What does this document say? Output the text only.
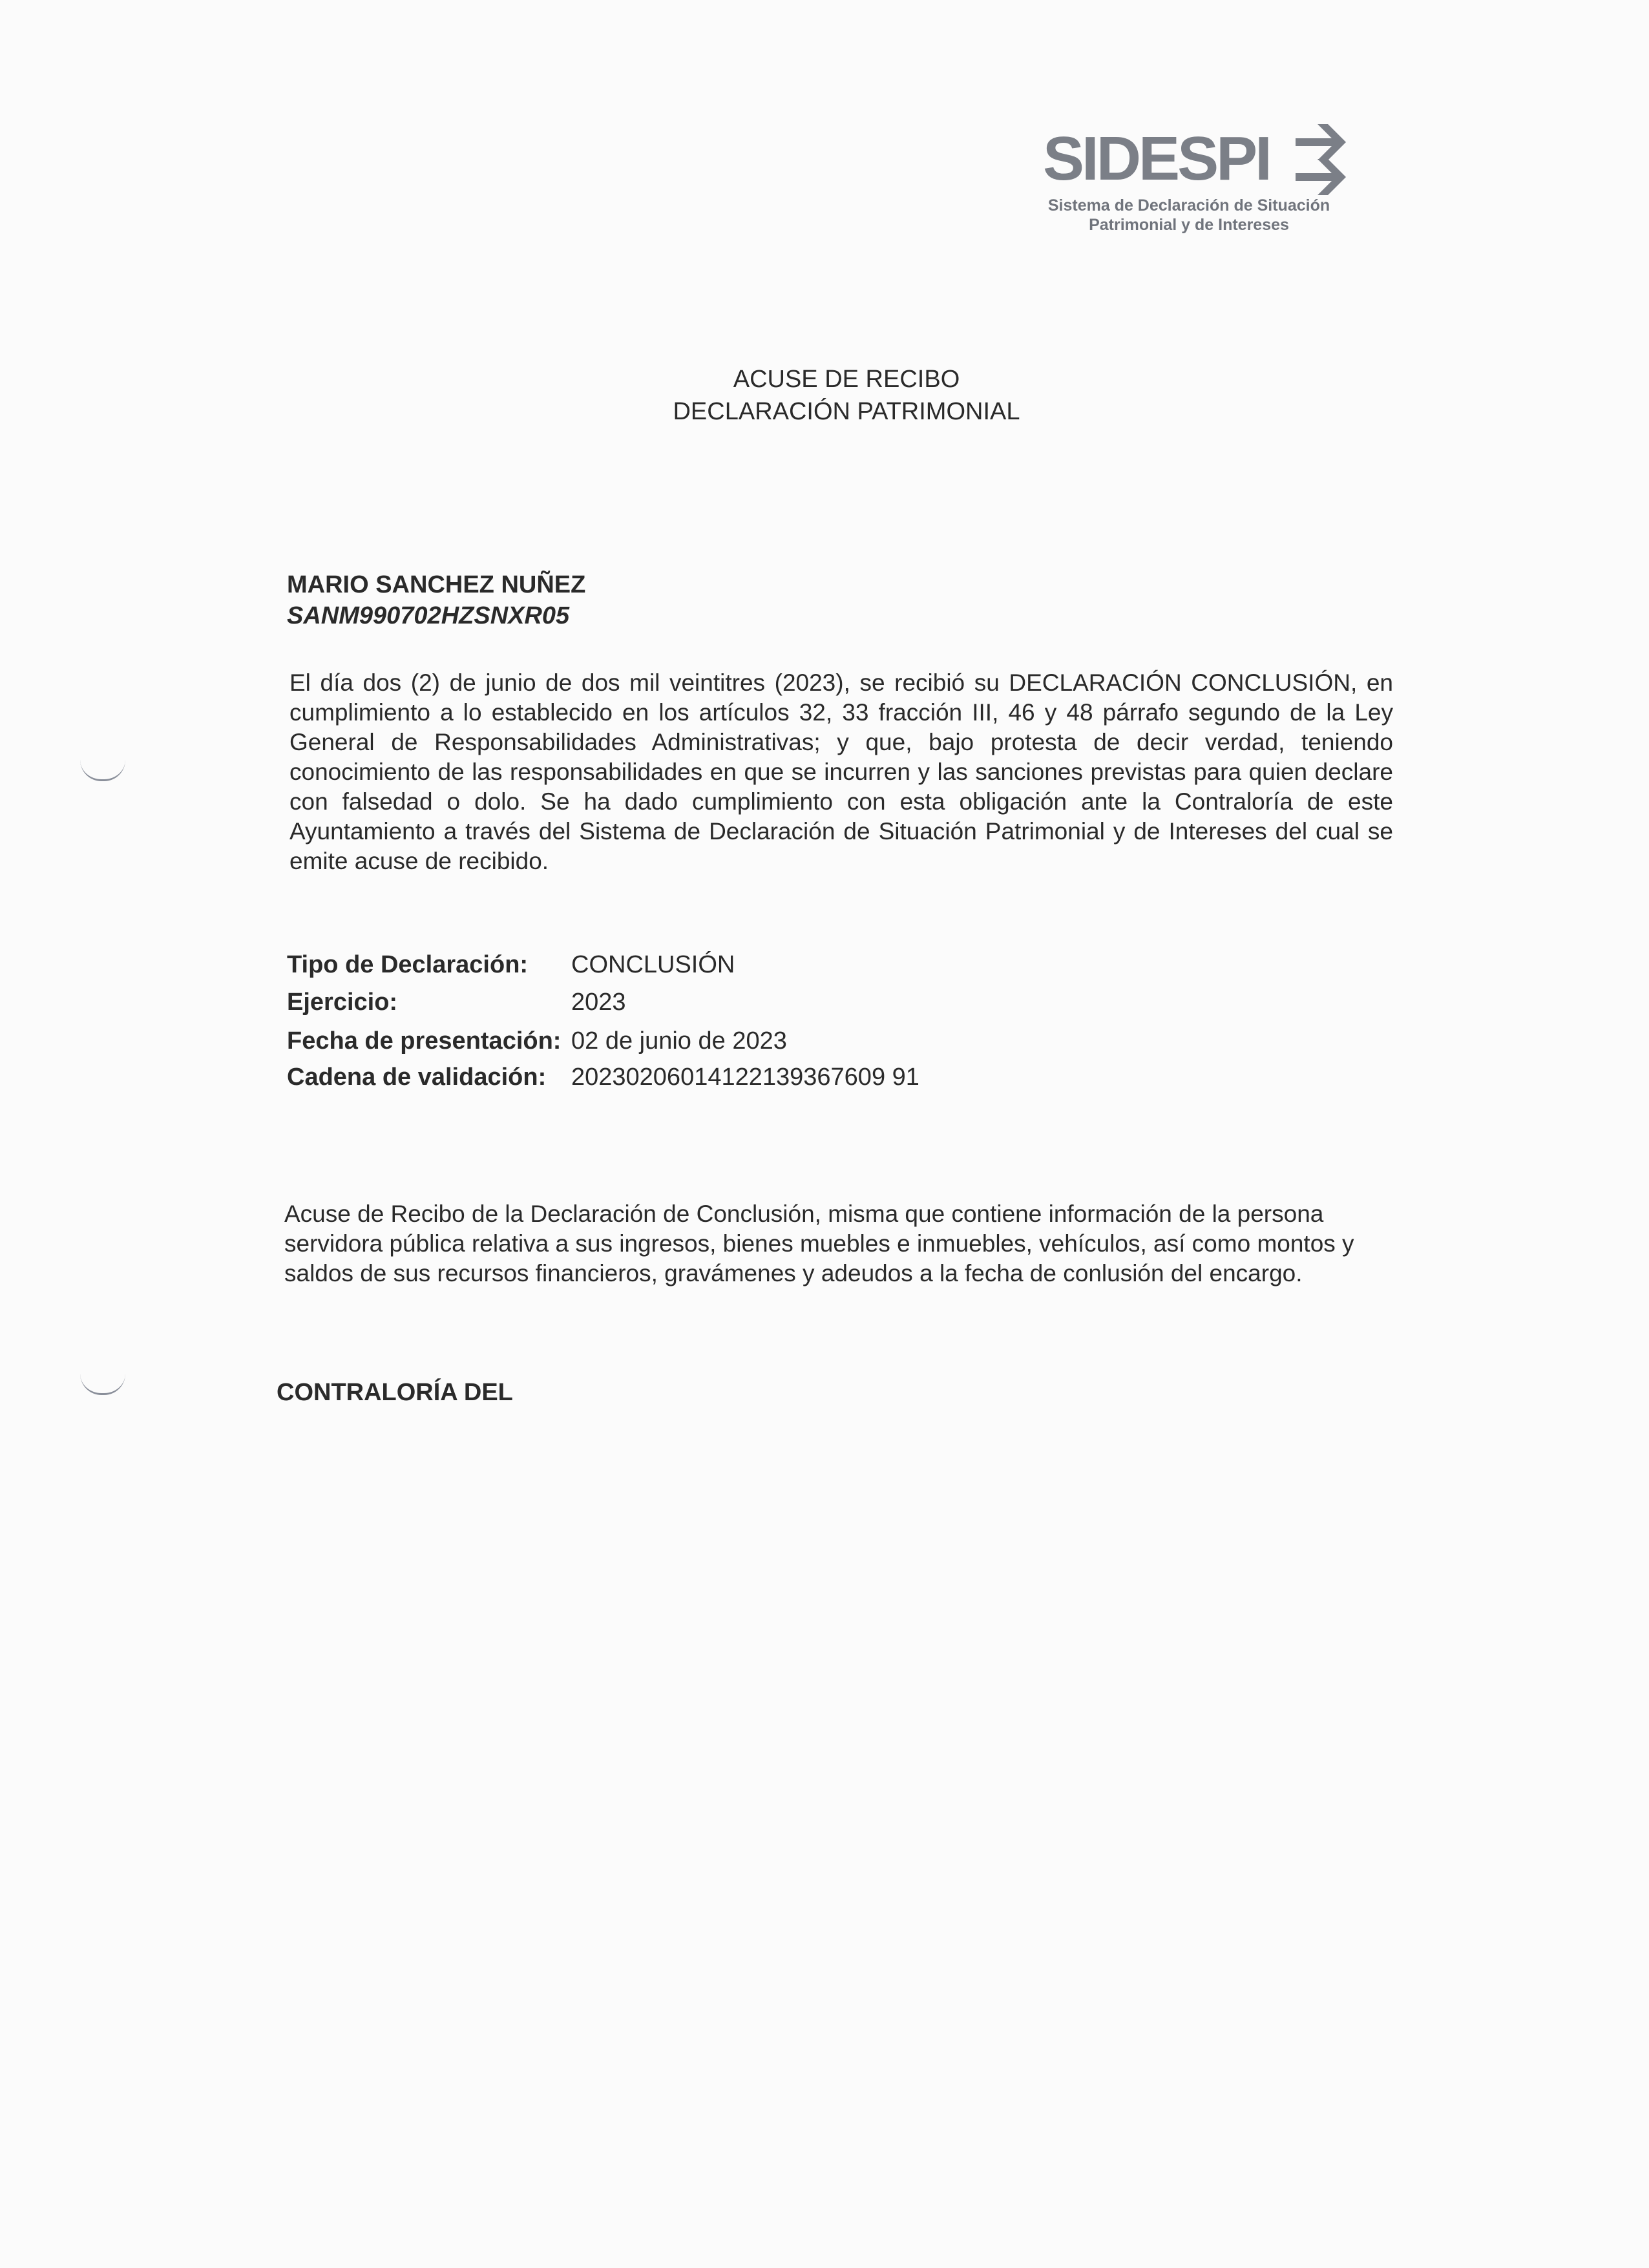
SIDESPI
Sistema de Declaración de Situación
Patrimonial y de Intereses
ACUSE DE RECIBO
DECLARACIÓN PATRIMONIAL
MARIO SANCHEZ NUÑEZ
SANM990702HZSNXR05
El día dos (2) de junio de dos mil veintitres (2023), se recibió su DECLARACIÓN CONCLUSIÓN, en cumplimiento a lo establecido en los artículos 32, 33 fracción III, 46 y 48 párrafo segundo de la Ley General de Responsabilidades Administrativas; y que, bajo protesta de decir verdad, teniendo conocimiento de las responsabilidades en que se incurren y las sanciones previstas para quien declare con falsedad o dolo. Se ha dado cumplimiento con esta obligación ante la Contraloría de este Ayuntamiento a través del Sistema de Declaración de Situación Patrimonial y de Intereses del cual se emite acuse de recibido.
Tipo de Declaración: CONCLUSIÓN
Ejercicio:	2023
Fecha de presentación: 02 de junio de 2023
Cadena de validación: 20230206014122139367609 91
Acuse de Recibo de la Declaración de Conclusión, misma que contiene información de la persona servidora pública relativa a sus ingresos, bienes muebles e inmuebles, vehículos, así como montos y saldos de sus recursos financieros, gravámenes y adeudos a la fecha de conlusión del encargo.
CONTRALORÍA DEL
